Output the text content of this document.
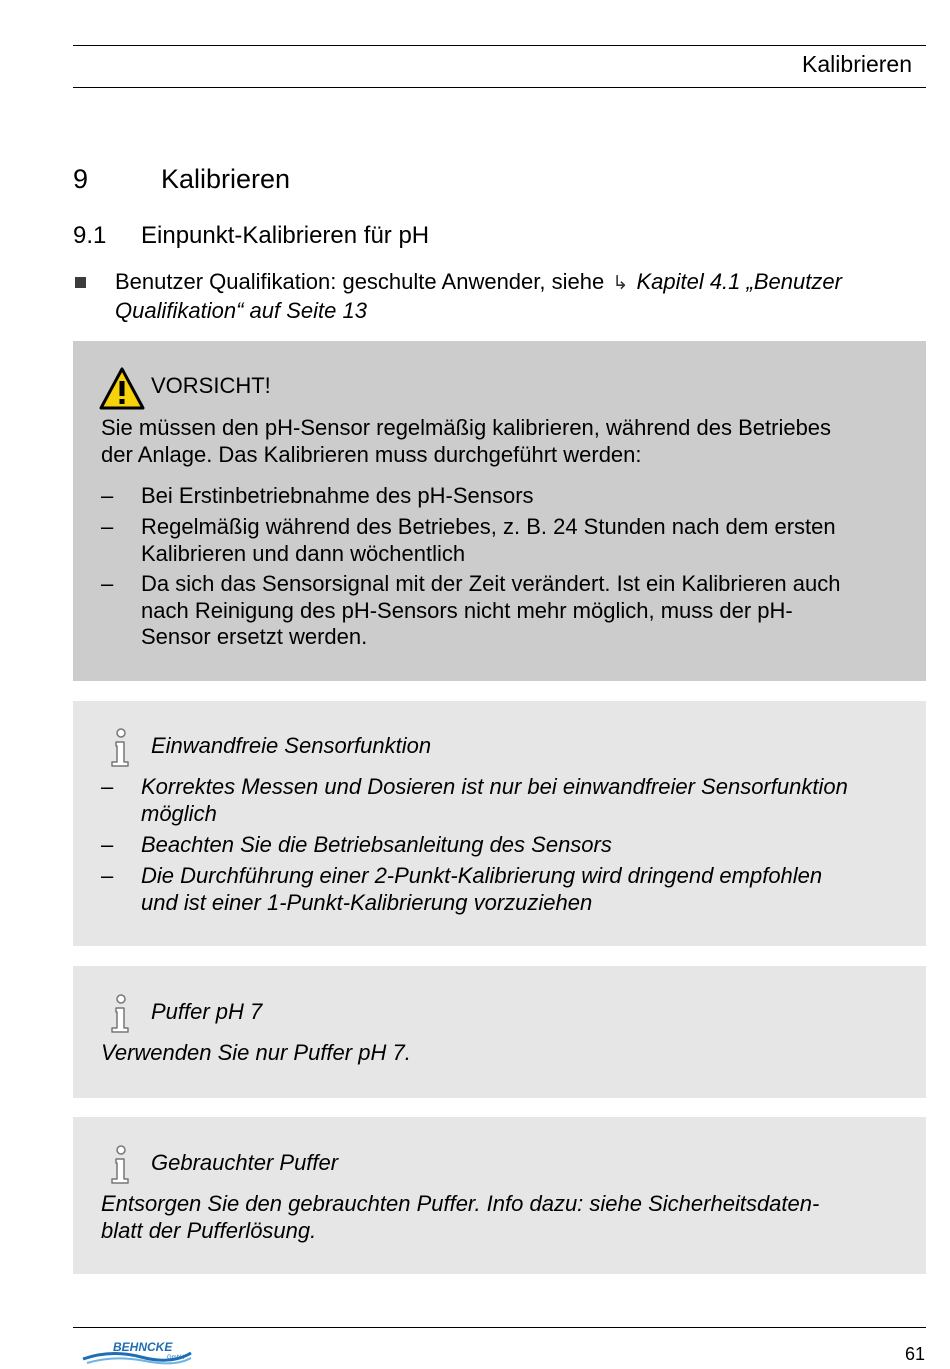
Kalibrieren
9	Kalibrieren
9.1 Einpunkt-Kalibrieren für pH
Benutzer Qualifikation: geschulte Anwender, siehe ↳ Kapitel 4.1 „Benutzer
Qualifikation“ auf Seite 13
VORSICHT!
Sie müssen den pH-Sensor regelmäßig kalibrieren, während des Betriebes
der Anlage. Das Kalibrieren muss durchgeführt werden:
– Bei Erstinbetriebnahme des pH-Sensors
– Regelmäßig während des Betriebes, z. B. 24 Stunden nach dem ersten
Kalibrieren und dann wöchentlich
– Da sich das Sensorsignal mit der Zeit verändert. Ist ein Kalibrieren auch
nach Reinigung des pH-Sensors nicht mehr möglich, muss der pH-
Sensor ersetzt werden.
Einwandfreie Sensorfunktion
– Korrektes Messen und Dosieren ist nur bei einwandfreier Sensorfunktion
möglich
– Beachten Sie die Betriebsanleitung des Sensors
– Die Durchführung einer 2-Punkt-Kalibrierung wird dringend empfohlen
und ist einer 1-Punkt-Kalibrierung vorzuziehen
Puffer pH 7
Verwenden Sie nur Puffer pH 7.
Gebrauchter Puffer
Entsorgen Sie den gebrauchten Puffer. Info dazu: siehe Sicherheitsdaten-
blatt der Pufferlösung.
BEHNCKE
GmbH	61
